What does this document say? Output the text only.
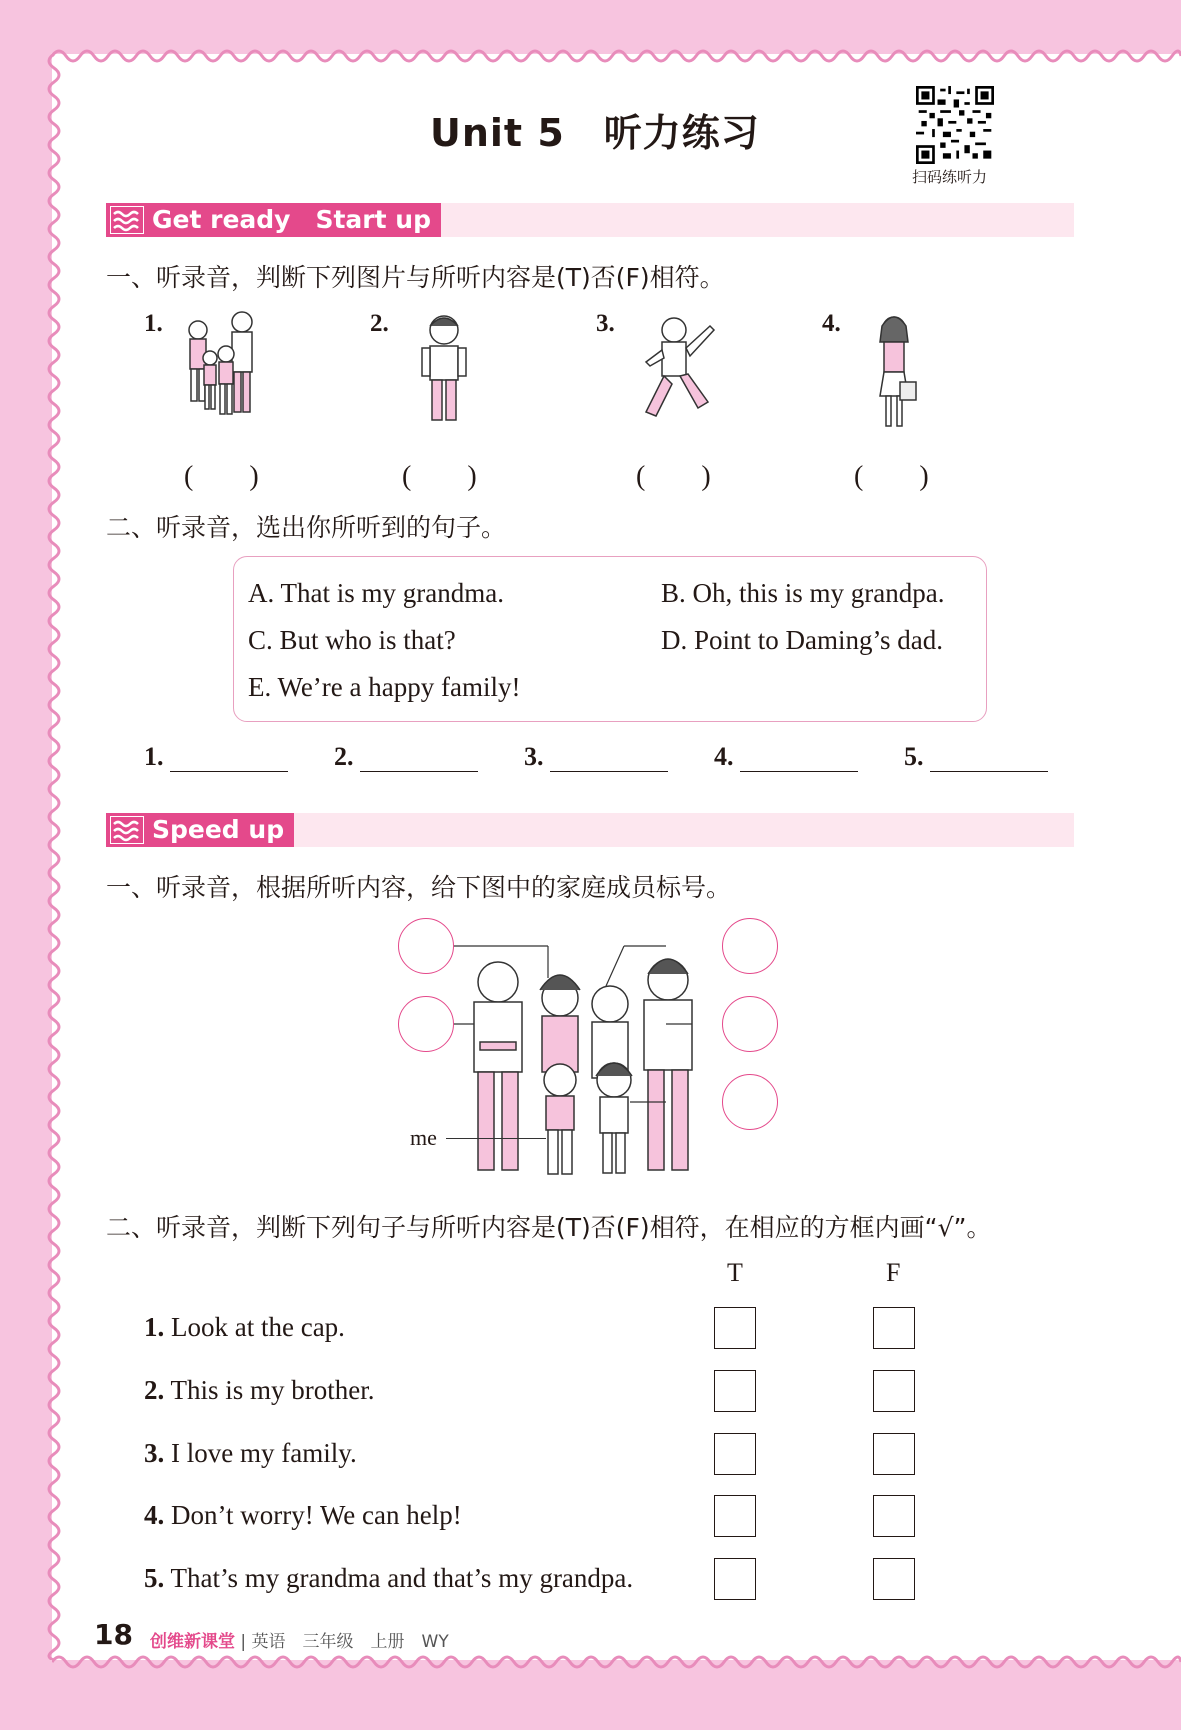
Unit 5　听力练习
扫码练听力
Get ready　Start up
一、听录音，判断下列图片与所听内容是(T)否(F)相符。
1.	2.	3.	4.
(　　)	(　　)	(　　)	(　　)
二、听录音，选出你所听到的句子。
A. That is my grandma.	B. Oh, this is my grandpa.
C. But who is that?	D. Point to Daming’s dad.
E. We’re a happy family!
1.	2.	3.	4.	5.
Speed up
一、听录音，根据所听内容，给下图中的家庭成员标号。
me
二、听录音，判断下列句子与所听内容是(T)否(F)相符，在相应的方框内画“√”。
T	F
1. Look at the cap.
2. This is my brother.
3. I love my family.
4. Don’t worry! We can help!
5. That’s my grandma and that’s my grandpa.
18 创维新课堂 | 英语　三年级　上册　WY
